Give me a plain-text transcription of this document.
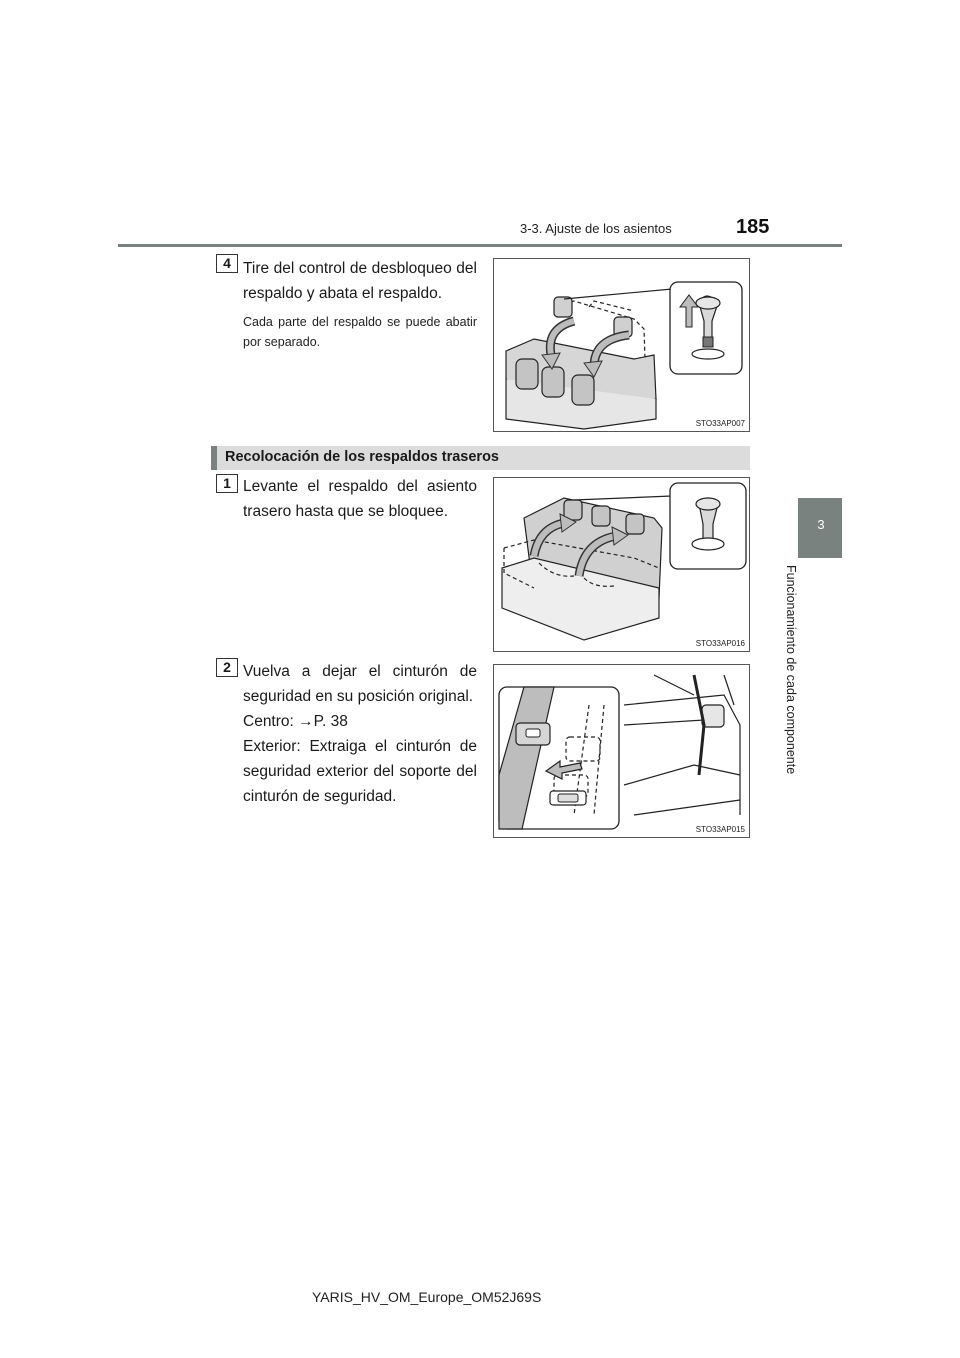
3-3. Ajuste de los asientos	185
3
Funcionamiento de cada componente
4 Tire del control de desbloqueo del respaldo y abata el respaldo.
Cada parte del respaldo se puede abatir por separado.
STO33AP007
Recolocación de los respaldos traseros
1 Levante el respaldo del asiento trasero hasta que se bloquee.
STO33AP016
2 Vuelva a dejar el cinturón de seguridad en su posición original.
Centro: →P. 38
Exterior: Extraiga el cinturón de seguridad exterior del soporte del cinturón de seguridad.
STO33AP015
YARIS_HV_OM_Europe_OM52J69S
